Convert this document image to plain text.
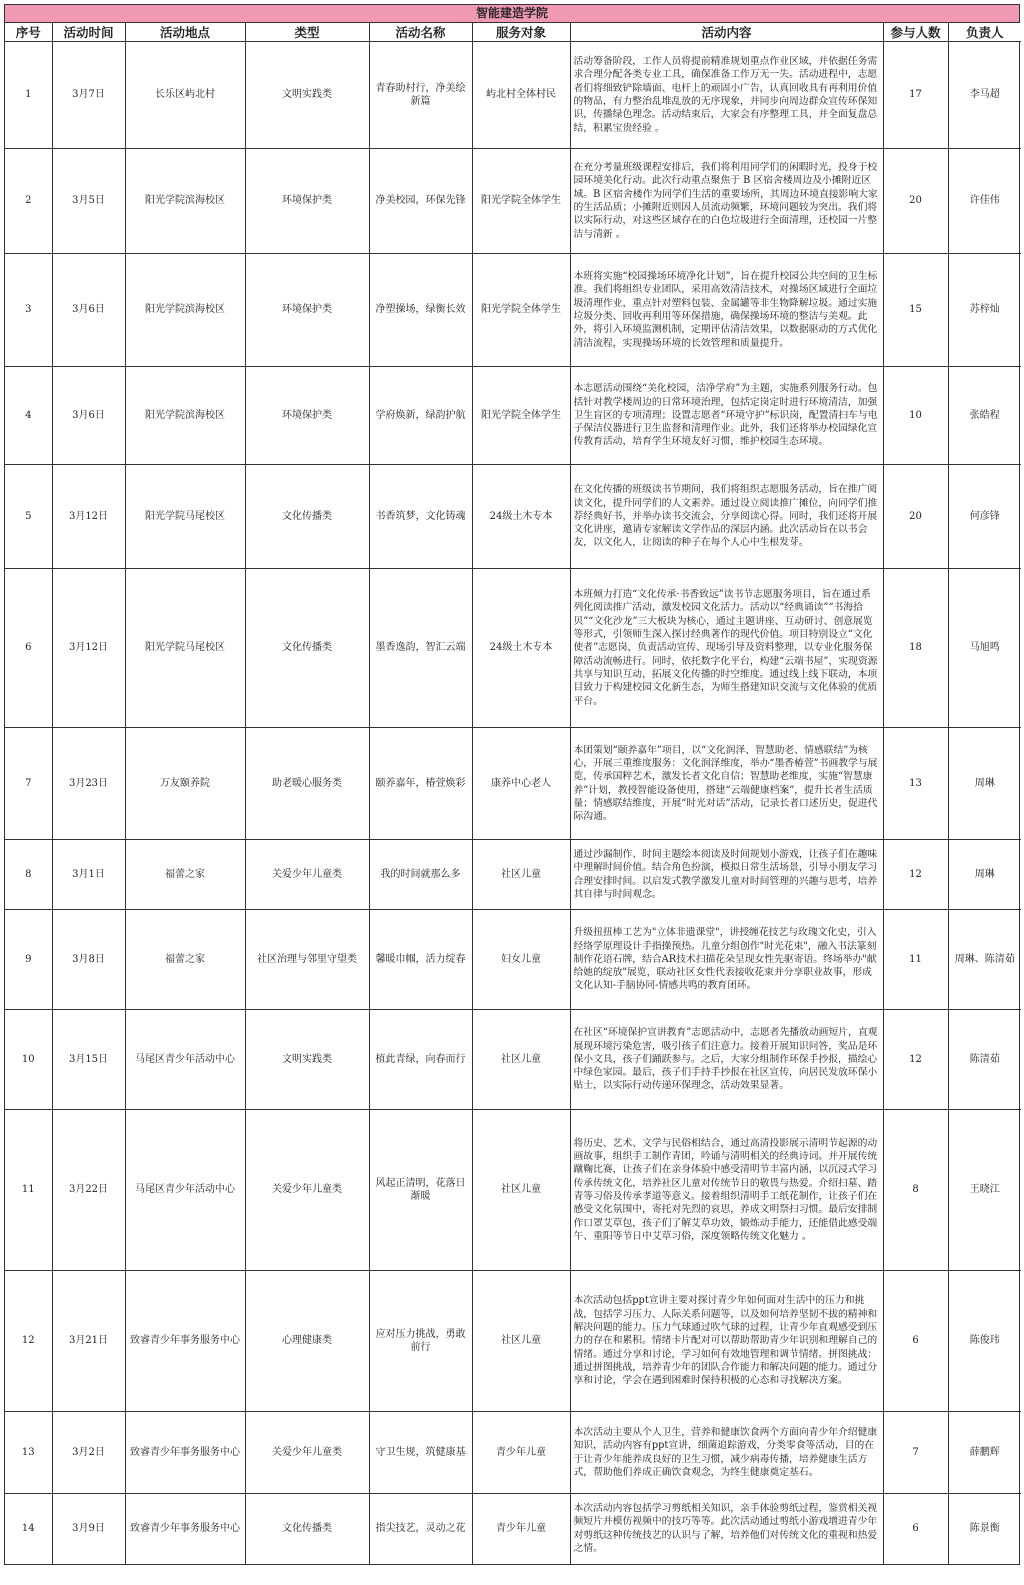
智能建造学院
序号	活动时间	活动地点	类型	活动名称	服务对象	活动内容	参与人数	负责人
1	3月7日	长乐区屿北村	文明实践类	青春助村行，净美绘新篇	屿北村全体村民	活动筹备阶段，工作人员将提前精准规划重点作业区域，并依据任务需求合理分配各类专业工具，确保准备工作万无一失。活动进程中，志愿者们将细致铲除墙面、电杆上的顽固小广告，认真回收具有再利用价值的物品，有力整治乱堆乱放的无序现象，并同步向周边群众宣传环保知识，传播绿色理念。活动结束后，大家会有序整理工具，并全面复盘总结，积累宝贵经验 。	17	李马超
2	3月5日	阳光学院滨海校区	环境保护类	净美校园，环保先锋	阳光学院全体学生	在充分考量班级课程安排后，我们将利用同学们的闲暇时光，投身于校园环境美化行动。此次行动重点聚焦于 B 区宿舍楼周边及小摊附近区域。B 区宿舍楼作为同学们生活的重要场所，其周边环境直接影响大家的生活品质；小摊附近则因人员流动频繁，环境问题较为突出。我们将以实际行动，对这些区域存在的白色垃圾进行全面清理，还校园一片整洁与清新 。	20	许佳伟
3	3月6日	阳光学院滨海校区	环境保护类	净塑操场，绿衡长效	阳光学院全体学生	本班将实施“校园操场环境净化计划”，旨在提升校园公共空间的卫生标准。我们将组织专业团队，采用高效清洁技术，对操场区域进行全面垃圾清理作业，重点针对塑料包装、金属罐等非生物降解垃圾。通过实施垃圾分类、回收再利用等环保措施，确保操场环境的整洁与美观。此外，将引入环境监测机制，定期评估清洁效果，以数据驱动的方式优化清洁流程，实现操场环境的长效管理和质量提升。	15	苏梓灿
4	3月6日	阳光学院滨海校区	环境保护类	学府焕新，绿韵护航	阳光学院全体学生	本志愿活动围绕“美化校园，洁净学府”为主题，实施系列服务行动。包括针对教学楼周边的日常环境治理，包括定岗定时进行环境清洁，加强卫生盲区的专项清理；设置志愿者“环境守护”标识岗，配置清扫车与电子保洁仪器进行卫生监督和清理作业。此外，我们还将举办校园绿化宣传教育活动，培育学生环境友好习惯，维护校园生态环境。	10	张皓程
5	3月12日	阳光学院马尾校区	文化传播类	书香筑梦，文化铸魂	24级土木专本	在文化传播的班级读书节期间，我们将组织志愿服务活动，旨在推广阅读文化，提升同学们的人文素养。通过设立阅读推广摊位，向同学们推荐经典好书，并举办读书交流会，分享阅读心得。同时，我们还将开展文化讲座，邀请专家解读文学作品的深层内涵。此次活动旨在以书会友，以文化人，让阅读的种子在每个人心中生根发芽。	20	何彦锋
6	3月12日	阳光学院马尾校区	文化传播类	墨香逸韵，智汇云端	24级土木专本	本班倾力打造“文化传承·书香致远”读书节志愿服务项目，旨在通过系列化阅读推广活动，激发校园文化活力。活动以“经典诵读”“书海拾贝”“文化沙龙”三大板块为核心，通过主题讲座、互动研讨、创意展览等形式，引领师生深入探讨经典著作的现代价值。项目特别设立“文化使者”志愿岗，负责活动宣传、现场引导及资料整理，以专业化服务保障活动流畅进行。同时，依托数字化平台，构建“云端书屋”，实现资源共享与知识互动，拓展文化传播的时空维度。通过线上线下联动，本项目致力于构建校园文化新生态，为师生搭建知识交流与文化体验的优质平台。	18	马旭鸣
7	3月23日	万友颐养院	助老暖心服务类	颐养嘉年，椿萱焕彩	康养中心老人	本团策划“颐养嘉年”项目，以“文化润泽、智慧助老、情感联结”为核心，开展三重维度服务：文化润泽维度，举办“墨香椿萱”书画教学与展览，传承国粹艺术，激发长者文化自信；智慧助老维度，实施“智慧康养”计划，教授智能设备使用，搭建“云端健康档案”，提升长者生活质量；情感联结维度，开展“时光对话”活动，记录长者口述历史，促进代际沟通。	13	周琳
8	3月1日	福蕾之家	关爱少年儿童类	我的时间就那么多	社区儿童	通过沙漏制作、时间主题绘本阅读及时间规划小游戏，让孩子们在趣味中理解时间价值。结合角色扮演，模拟日常生活场景，引导小朋友学习合理安排时间。以启发式教学激发儿童对时间管理的兴趣与思考，培养其自律与时间观念。	12	周琳
9	3月8日	福蕾之家	社区治理与邻里守望类	馨暖巾帼，活力绽春	妇女儿童	升级扭扭棒工艺为"立体非遗课堂"，讲授缠花技艺与玫瑰文化史，引入经络学原理设计手指操预热。儿童分组创作"时光花束"，融入书法篆刻制作花语石牌，结合AR技术扫描花朵呈现女性先驱寄语。终场举办"献给她的绽放"展览，联动社区女性代表接收花束并分享职业故事，形成文化认知-手脑协同-情感共鸣的教育闭环。	11	周琳、陈清茹
10	3月15日	马尾区青少年活动中心	文明实践类	植此青绿，向春而行	社区儿童	在社区“环境保护宣讲教育”志愿活动中，志愿者先播放动画短片，直观展现环境污染危害，吸引孩子们注意力。接着开展知识问答，奖品是环保小文具，孩子们踊跃参与。之后，大家分组制作环保手抄报，描绘心中绿色家园。最后，孩子们手持手抄报在社区宣传，向居民发放环保小贴士，以实际行动传递环保理念，活动效果显著。	12	陈清茹
11	3月22日	马尾区青少年活动中心	关爱少年儿童类	风起正清明，花落日渐暖	社区儿童	将历史、艺术、文学与民俗相结合，通过高清投影展示清明节起源的动画故事，组织手工制作青团，吟诵与清明相关的经典诗词。并开展传统蹴鞠比赛，让孩子们在亲身体验中感受清明节丰富内涵，以沉浸式学习传承传统文化，培养社区儿童对传统节日的敬畏与热爱。介绍扫墓、踏青等习俗及传承孝道等意义。接着组织清明手工纸花制作，让孩子们在感受文化氛围中，寄托对先烈的哀思，养成文明祭扫习惯。最后安排制作口罩艾草包，孩子们了解艾草功效，锻炼动手能力，还能借此感受端午、重阳等节日中艾草习俗，深度领略传统文化魅力 。	8	王晓江
12	3月21日	致睿青少年事务服务中心	心理健康类	应对压力挑战，勇敢前行	社区儿童	本次活动包括ppt宣讲主要对探讨青少年如何面对生活中的压力和挑战，包括学习压力、人际关系问题等，以及如何培养坚韧不拔的精神和解决问题的能力。压力气球通过吹气球的过程，让青少年直观感受到压力的存在和累积。情绪卡片配对可以帮助帮助青少年识别和理解自己的情绪。通过分享和讨论，学习如何有效地管理和调节情绪。拼图挑战：通过拼图挑战，培养青少年的团队合作能力和解决问题的能力。通过分享和讨论，学会在遇到困难时保持积极的心态和寻找解决方案。	6	陈俊玮
13	3月2日	致睿青少年事务服务中心	关爱少年儿童类	守卫生规，筑健康基	青少年儿童	本次活动主要从个人卫生，营养和健康饮食两个方面向青少年介绍健康知识，活动内容有ppt宣讲，细菌追踪游戏，分类零食等活动，目的在于让青少年能养成良好的卫生习惯，减少病毒传播，培养健康生活方式，帮助他们养成正确饮食观念，为终生健康奠定基石。	7	薛鹏辉
14	3月9日	致睿青少年事务服务中心	文化传播类	指尖技艺，灵动之花	青少年儿童	本次活动内容包括学习剪纸相关知识，亲手体验剪纸过程，鉴赏相关视频短片并模仿视频中的技巧等等。此次活动通过剪纸小游戏增进青少年对剪纸这种传统技艺的认识与了解，培养他们对传统文化的重视和热爱之情。	6	陈景衡
